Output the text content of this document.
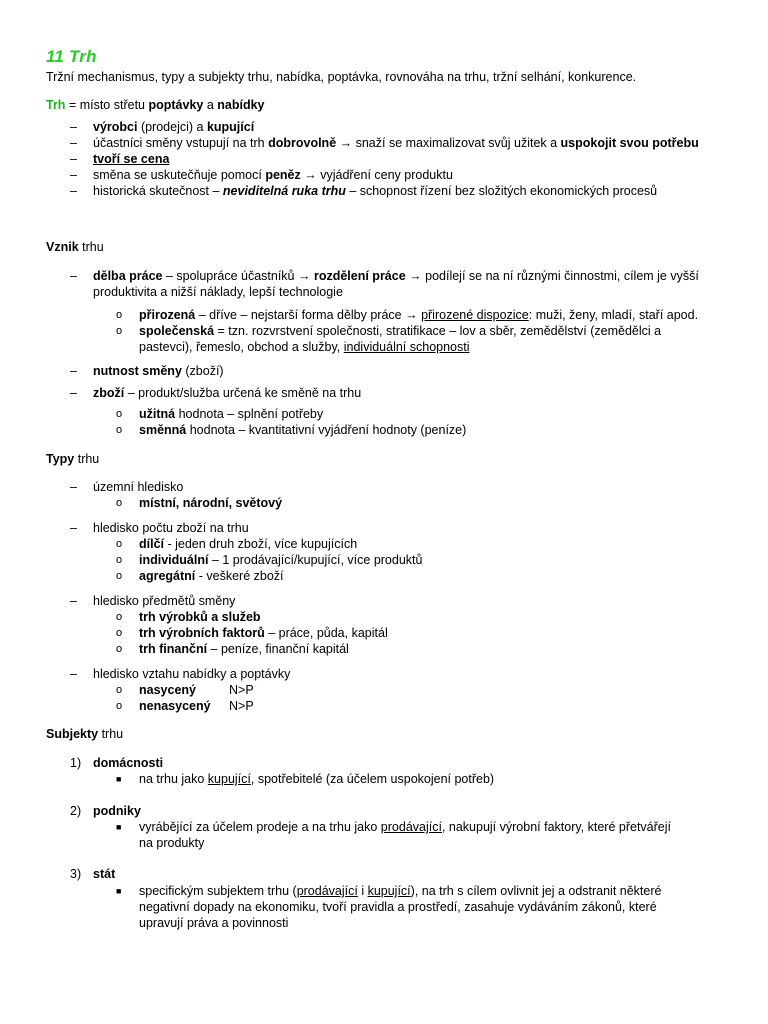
11 Trh
Tržní mechanismus, typy a subjekty trhu, nabídka, poptávka, rovnováha na trhu, tržní selhání, konkurence.
Trh = místo střetu poptávky a nabídky
– výrobci (prodejci) a kupující
– účastníci směny vstupují na trh dobrovolně → snaží se maximalizovat svůj užitek a uspokojit svou potřebu
– tvoří se cena
– směna se uskutečňuje pomocí peněz → vyjádření ceny produktu
– historická skutečnost – neviditelná ruka trhu – schopnost řízení bez složitých ekonomických procesů
Vznik trhu
– dělba práce – spolupráce účastníků → rozdělení práce → podílejí se na ní různými činnostmi, cílem je vyšší
produktivita a nižší náklady, lepší technologie
o přirozená – dříve – nejstarší forma dělby práce → přirozené dispozice: muži, ženy, mladí, staří apod.
o společenská = tzn. rozvrstvení společnosti, stratifikace – lov a sběr, zemědělství (zemědělci a
pastevci), řemeslo, obchod a služby, individuální schopnosti
– nutnost směny (zboží)
– zboží – produkt/služba určená ke směně na trhu
o užitná hodnota – splnění potřeby
o směnná hodnota – kvantitativní vyjádření hodnoty (peníze)
Typy trhu
– územní hledisko
o místní, národní, světový
– hledisko počtu zboží na trhu
o dílčí - jeden druh zboží, více kupujících
o individuální – 1 prodávající/kupující, více produktů
o agregátní - veškeré zboží
– hledisko předmětů směny
o trh výrobků a služeb
o trh výrobních faktorů – práce, půda, kapitál
o trh finanční – peníze, finanční kapitál
– hledisko vztahu nabídky a poptávky
o nasycený	N>P
o nenasycený N>P
Subjekty trhu
1) domácnosti
■ na trhu jako kupující, spotřebitelé (za účelem uspokojení potřeb)
2) podniky
■ vyrábějící za účelem prodeje a na trhu jako prodávající, nakupují výrobní faktory, které přetvářejí
na produkty
3) stát
■ specifickým subjektem trhu (prodávající i kupující), na trh s cílem ovlivnit jej a odstranit některé
negativní dopady na ekonomiku, tvoří pravidla a prostředí, zasahuje vydáváním zákonů, které
upravují práva a povinnosti
